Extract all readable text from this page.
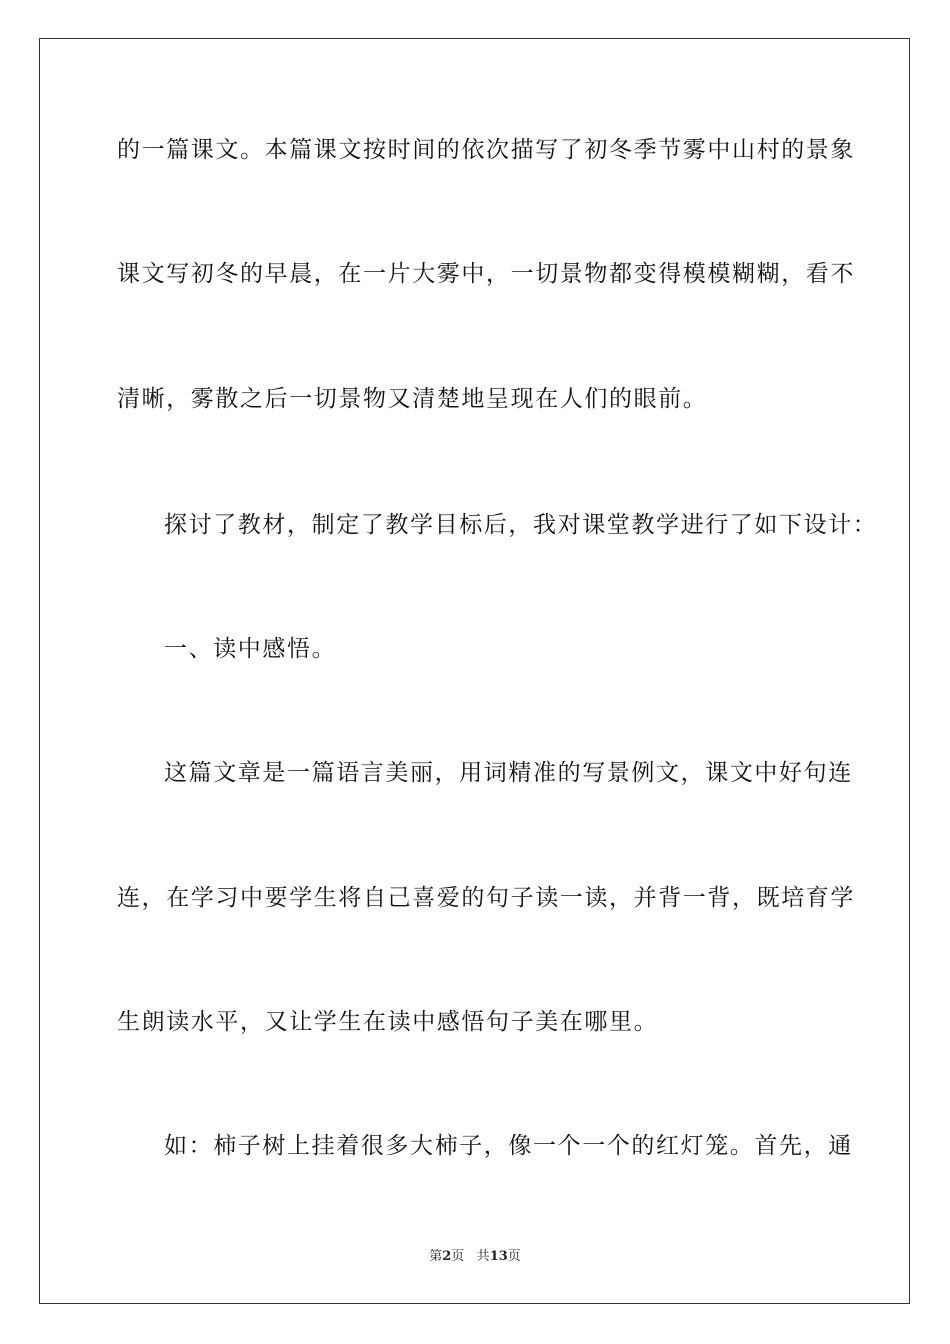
的一篇课文。本篇课文按时间的依次描写了初冬季节雾中山村的景象
课文写初冬的早晨，在一片大雾中，一切景物都变得模模糊糊，看不
清晰，雾散之后一切景物又清楚地呈现在人们的眼前。
探讨了教材，制定了教学目标后，我对课堂教学进行了如下设计：
一、读中感悟。
这篇文章是一篇语言美丽，用词精准的写景例文，课文中好句连
连，在学习中要学生将自己喜爱的句子读一读，并背一背，既培育学
生朗读水平，又让学生在读中感悟句子美在哪里。
如：柿子树上挂着很多大柿子，像一个一个的红灯笼。首先，通
第2页 共13页
